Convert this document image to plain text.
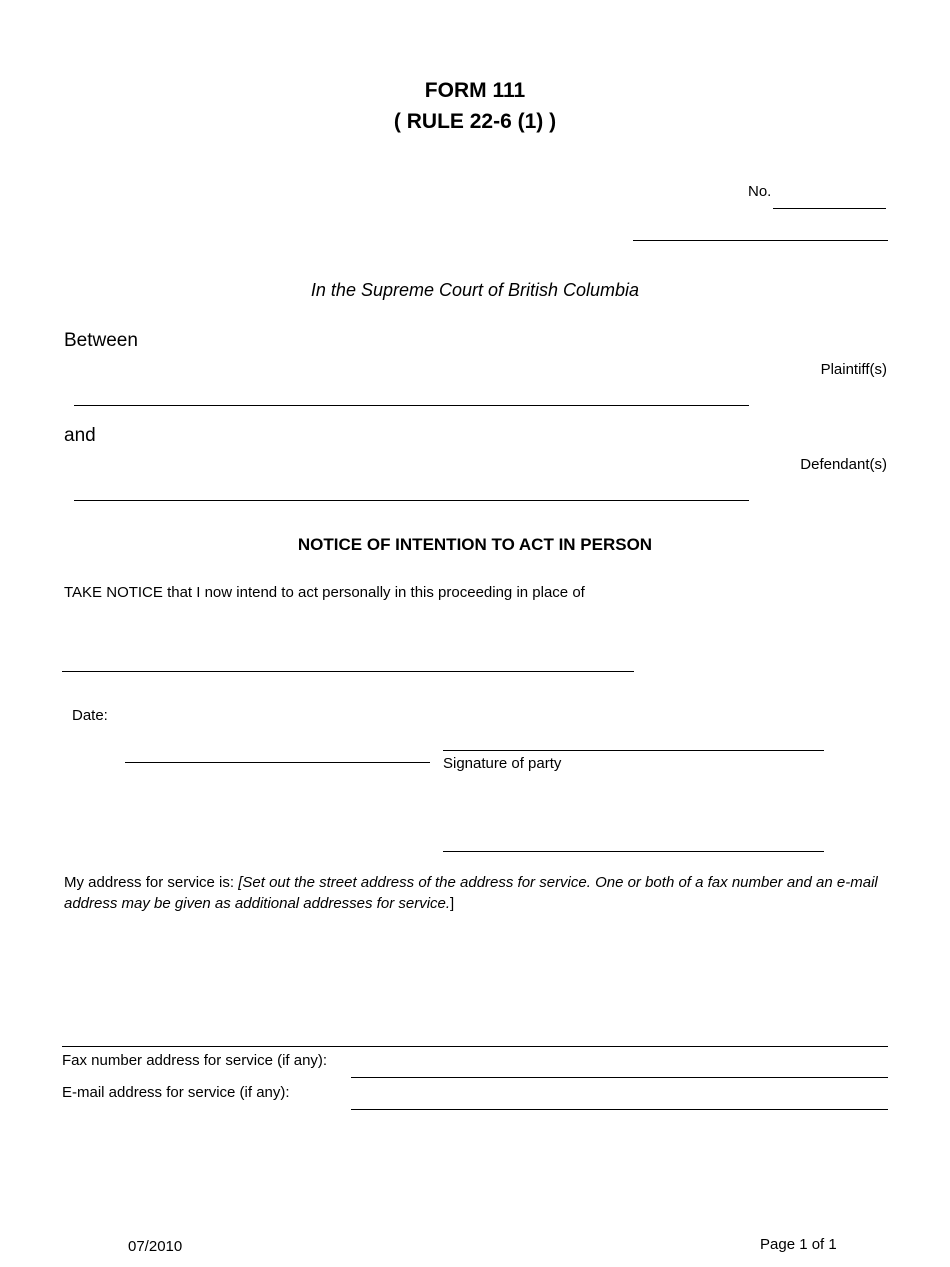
FORM 111
( RULE 22-6 (1) )
No.
In the Supreme Court of British Columbia
Between
Plaintiff(s)
and
Defendant(s)
NOTICE OF INTENTION TO ACT IN PERSON
TAKE NOTICE that I now intend to act personally in this proceeding in place of
Date:
Signature of party
My address for service is: [Set out the street address of the address for service. One or both of a fax number and an e-mail address may be given as additional addresses for service.]
Fax number address for service (if any):
E-mail address for service (if any):
07/2010	Page 1 of 1
